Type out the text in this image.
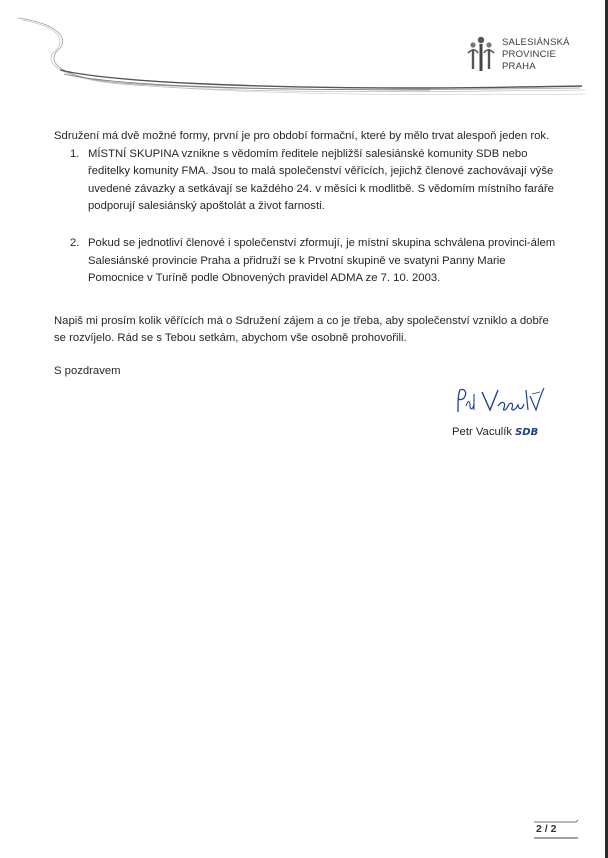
SALESIÁNSKÁ
PROVINCIE
PRAHA

Sdružení má dvě možné formy, první je pro období formační, které by mělo trvat alespoň jeden rok.

1. MÍSTNÍ SKUPINA vznikne s vědomím ředitele nejbližší salesiánské komunity SDB nebo ředitelky komunity FMA. Jsou to malá společenství věřících, jejichž členové zachovávají výše uvedené závazky a setkávají se každého 24. v měsíci k modlitbě. S vědomím místního faráře podporují salesiánský apoštolát a život farnosti.
2. Pokud se jednotliví členové i společenství zformují, je místní skupina schválena provinci-álem Salesiánské provincie Praha a přidruží se k Prvotní skupině ve svatyni Panny Marie Pomocnice v Turíně podle Obnovených pravidel ADMA ze 7. 10. 2003.

Napiš mi prosím kolik věřících má o Sdružení zájem a co je třeba, aby společenství vzniklo a dobře se rozvíjelo. Rád se s Tebou setkám, abychom vše osobně prohovořili.

S pozdravem

Petr Vaculík SDB
2 / 2
